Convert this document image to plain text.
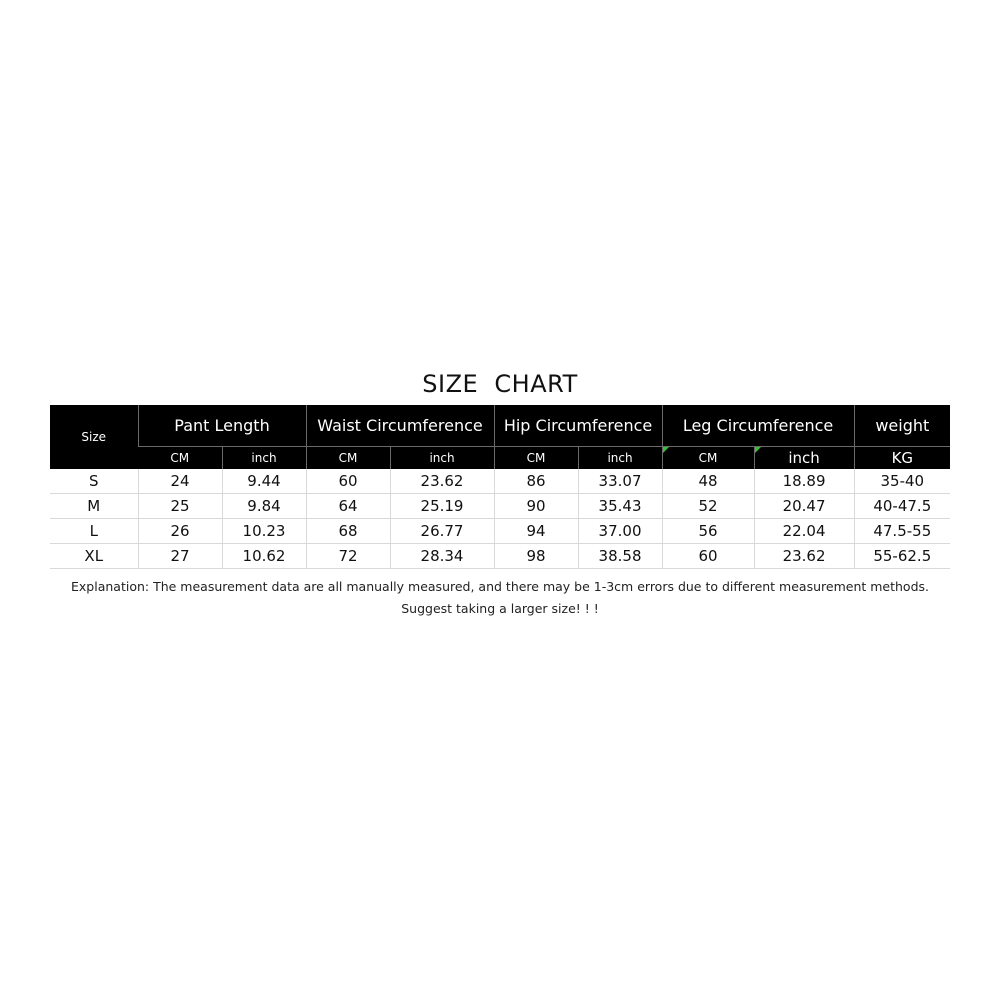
SIZE  CHART
Size	Pant Length		Waist Circumference		Hip Circumference		Leg Circumference		weight
	CM	inch	CM	inch	CM	inch	CM	inch	KG
S	24	9.44	60	23.62	86	33.07	48	18.89	35-40
M	25	9.84	64	25.19	90	35.43	52	20.47	40-47.5
L	26	10.23	68	26.77	94	37.00	56	22.04	47.5-55
XL	27	10.62	72	28.34	98	38.58	60	23.62	55-62.5
Explanation: The measurement data are all manually measured, and there may be 1-3cm errors due to different measurement methods.
Suggest taking a larger size! ! !
